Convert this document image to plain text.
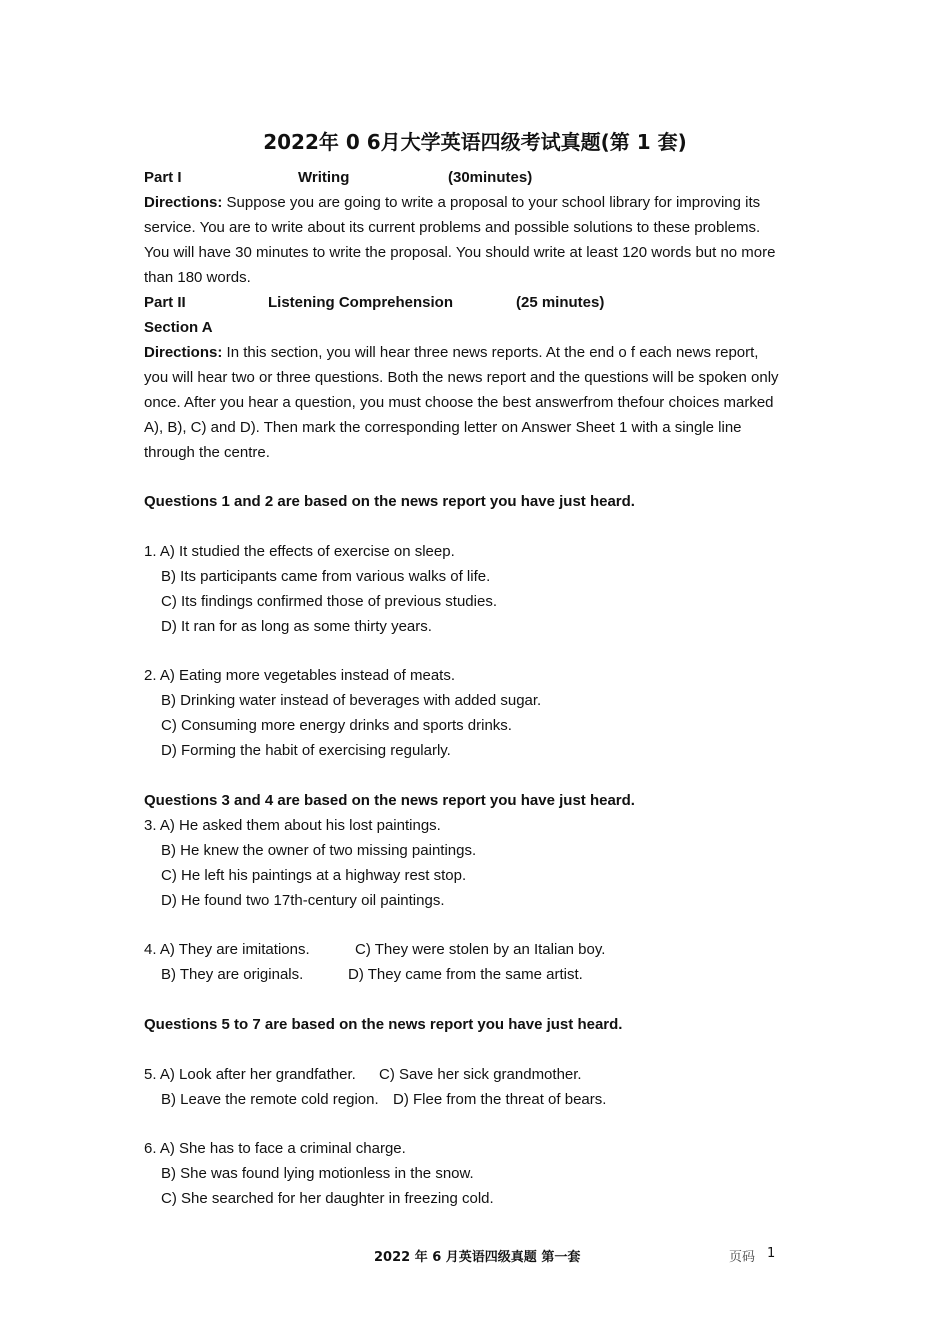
2022年 0 6月大学英语四级考试真题(第 1 套)
Part I	Writing	(30minutes)
Directions: Suppose you are going to write a proposal to your school library for improving its
service. You are to write about its current problems and possible solutions to these problems.
You will have 30 minutes to write the proposal. You should write at least 120 words but no more
than 180 words.
Part II	Listening Comprehension	(25 minutes)
Section A
Directions: In this section, you will hear three news reports. At the end o f each news report,
you will hear two or three questions. Both the news report and the questions will be spoken only
once. After you hear a question, you must choose the best answerfrom thefour choices marked
A), B), C) and D). Then mark the corresponding letter on Answer Sheet 1 with a single line
through the centre.
Questions 1 and 2 are based on the news report you have just heard.
1. A) It studied the effects of exercise on sleep.
B) Its participants came from various walks of life.
C) Its findings confirmed those of previous studies.
D) It ran for as long as some thirty years.
2. A) Eating more vegetables instead of meats.
B) Drinking water instead of beverages with added sugar.
C) Consuming more energy drinks and sports drinks.
D) Forming the habit of exercising regularly.
Questions 3 and 4 are based on the news report you have just heard.
3. A) He asked them about his lost paintings.
B) He knew the owner of two missing paintings.
C) He left his paintings at a highway rest stop.
D) He found two 17th-century oil paintings.
4. A) They are imitations.	C) They were stolen by an Italian boy.
B) They are originals.	D) They came from the same artist.
Questions 5 to 7 are based on the news report you have just heard.
5. A) Look after her grandfather. C) Save her sick grandmother.
B) Leave the remote cold region. D) Flee from the threat of bears.
6. A) She has to face a criminal charge.
B) She was found lying motionless in the snow.
C) She searched for her daughter in freezing cold.
2022 年 6 月英语四级真题 第一套	页码 1
